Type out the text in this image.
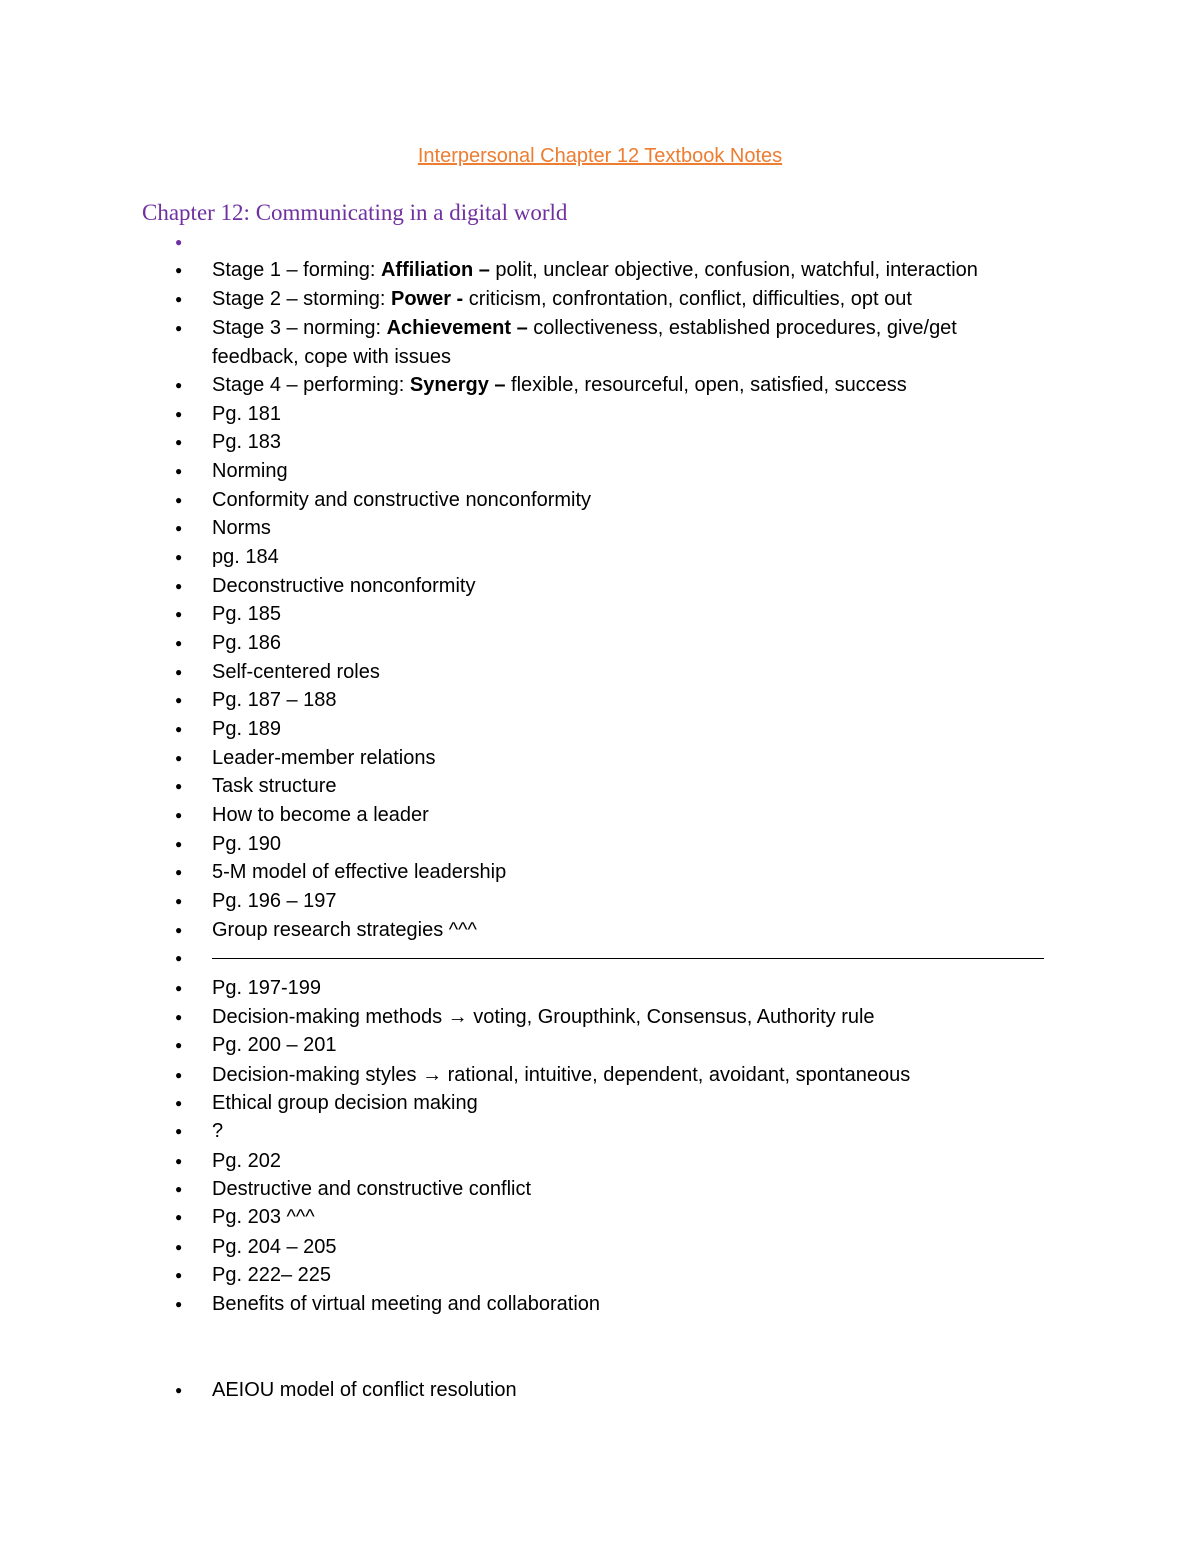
Interpersonal Chapter 12 Textbook Notes
Chapter 12: Communicating in a digital world
● Stage 1 – forming: Affiliation – polit, unclear objective, confusion, watchful, interaction
● Stage 2 – storming: Power - criticism, confrontation, conflict, difficulties, opt out
● Stage 3 – norming: Achievement – collectiveness, established procedures, give/get feedback, cope with issues
● Stage 4 – performing: Synergy – flexible, resourceful, open, satisfied, success
● Pg. 181
● Pg. 183
● Norming
● Conformity and constructive nonconformity
● Norms
● pg. 184
● Deconstructive nonconformity
● Pg. 185
● Pg. 186
● Self-centered roles
● Pg. 187 – 188
● Pg. 189
● Leader-member relations
● Task structure
● How to become a leader
● Pg. 190
● 5-M model of effective leadership
● Pg. 196 – 197
● Group research strategies ^^^
●
● Pg. 197-199
● Decision-making methods → voting, Groupthink, Consensus, Authority rule
● Pg. 200 – 201
● Decision-making styles → rational, intuitive, dependent, avoidant, spontaneous
● Ethical group decision making
● ?
● Pg. 202
● Destructive and constructive conflict
● Pg. 203 ^^^
● Pg. 204 – 205
● Pg. 222– 225
● Benefits of virtual meeting and collaboration
● AEIOU model of conflict resolution
